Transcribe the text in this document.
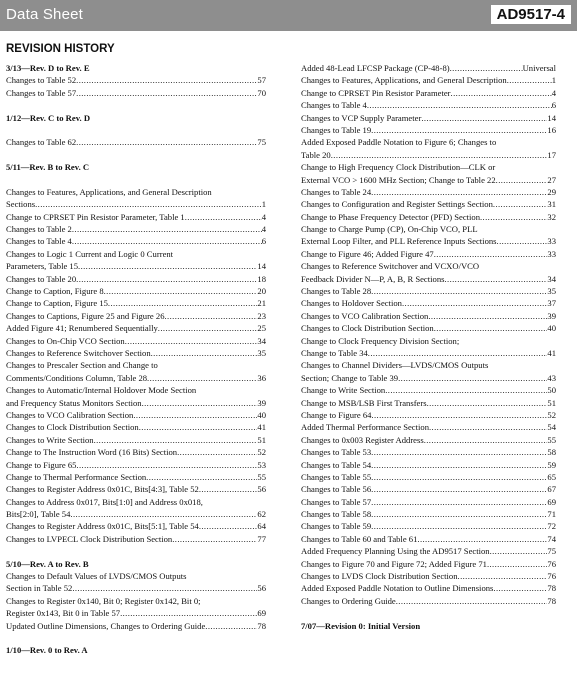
Data Sheet	AD9517-4
REVISION HISTORY
3/13—Rev. D to Rev. E
Changes to Table 52 .....	57
Changes to Table 57 .....	70
1/12—Rev. C to Rev. D
Changes to Table 62 .....	75
5/11—Rev. B to Rev. C
Changes to Features, Applications, and General Description
Sections .....	1
Change to CPRSET Pin Resistor Parameter, Table 1 .....	4
Changes to Table 2 .....	4
Changes to Table 4 .....	6
Changes to Logic 1 Current and Logic 0 Current
Parameters, Table 15 .....	14
Changes to Table 20 .....	18
Change to Caption, Figure 8 .....	20
Change to Caption, Figure 15 .....	21
Changes to Captions, Figure 25 and Figure 26 .....	23
Added Figure 41; Renumbered Sequentially .....	25
Changes to On-Chip VCO Section .....	34
Changes to Reference Switchover Section .....	35
Changes to Prescaler Section and Change to
Comments/Conditions Column, Table 28 .....	36
Changes to Automatic/Internal Holdover Mode Section
and Frequency Status Monitors Section .....	39
Changes to VCO Calibration Section .....	40
Changes to Clock Distribution Section .....	41
Changes to Write Section .....	51
Change to The Instruction Word (16 Bits) Section .....	52
Change to Figure 65 .....	53
Change to Thermal Performance Section .....	55
Changes to Register Address 0x01C, Bits[4:3], Table 52 .....	56
Changes to Address 0x017, Bits[1:0] and Address 0x018,
Bits[2:0], Table 54 .....	62
Changes to Register Address 0x01C, Bits[5:1], Table 54 .....	64
Changes to LVPECL Clock Distribution Section .....	77
5/10—Rev. A to Rev. B
Changes to Default Values of LVDS/CMOS Outputs
Section in Table 52 .....	56
Changes to Register 0x140, Bit 0; Register 0x142, Bit 0;
Register 0x143, Bit 0 in Table 57 .....	69
Updated Outline Dimensions, Changes to Ordering Guide .....	78
1/10—Rev. 0 to Rev. A
Added 48-Lead LFCSP Package (CP-48-8) .....	Universal
Changes to Features, Applications, and General Description .....	1
Change to CPRSET Pin Resistor Parameter .....	4
Changes to Table 4 .....	6
Changes to VCP Supply Parameter .....	14
Changes to Table 19 .....	16
Added Exposed Paddle Notation to Figure 6; Changes to
Table 20 .....	17
Change to High Frequency Clock Distribution—CLK or
External VCO > 1600 MHz Section; Change to Table 22 .....	27
Changes to Table 24 .....	29
Changes to Configuration and Register Settings Section .....	31
Change to Phase Frequency Detector (PFD) Section .....	32
Change to Charge Pump (CP), On-Chip VCO, PLL
External Loop Filter, and PLL Reference Inputs Sections .....	33
Change to Figure 46; Added Figure 47 .....	33
Changes to Reference Switchover and VCXO/VCO
Feedback Divider N—P, A, B, R Sections .....	34
Changes to Table 28 .....	35
Changes to Holdover Section .....	37
Changes to VCO Calibration Section .....	39
Changes to Clock Distribution Section .....	40
Change to Clock Frequency Division Section;
Change to Table 34 .....	41
Changes to Channel Dividers—LVDS/CMOS Outputs
Section; Change to Table 39 .....	43
Change to Write Section .....	50
Change to MSB/LSB First Transfers .....	51
Change to Figure 64 .....	52
Added Thermal Performance Section .....	54
Changes to 0x003 Register Address .....	55
Changes to Table 53 .....	58
Changes to Table 54 .....	59
Changes to Table 55 .....	65
Changes to Table 56 .....	67
Changes to Table 57 .....	69
Changes to Table 58 .....	71
Changes to Table 59 .....	72
Changes to Table 60 and Table 61 .....	74
Added Frequency Planning Using the AD9517 Section .....	75
Changes to Figure 70 and Figure 72; Added Figure 71 .....	76
Changes to LVDS Clock Distribution Section .....	76
Added Exposed Paddle Notation to Outline Dimensions .....	78
Changes to Ordering Guide .....	78
7/07—Revision 0: Initial Version
